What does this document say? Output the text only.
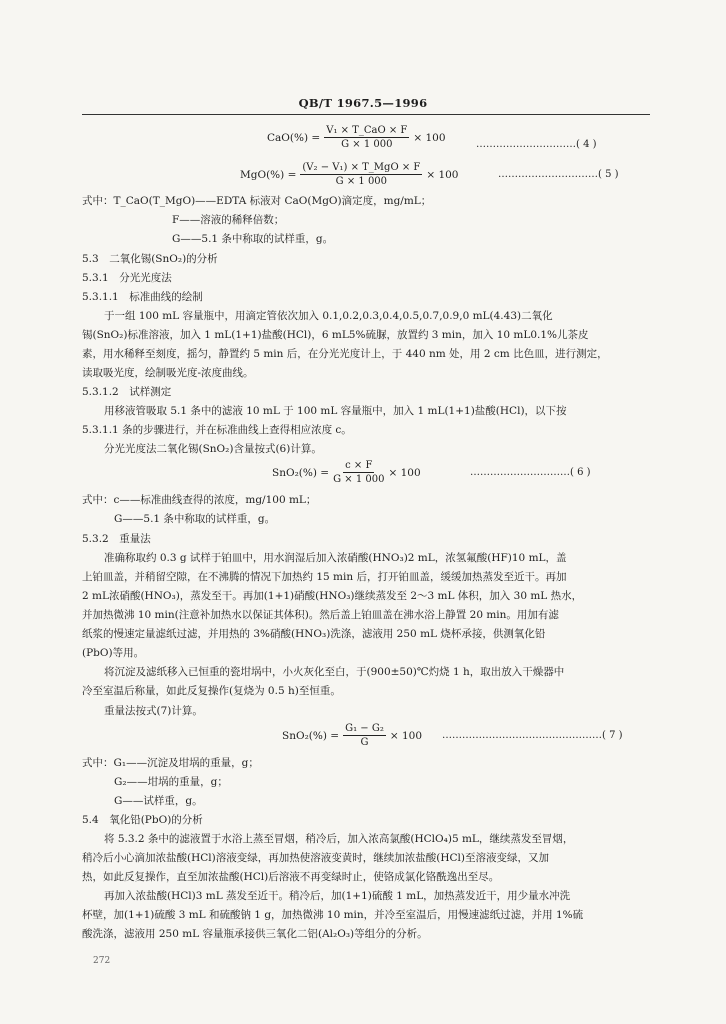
QB/T 1967.5—1996
$CaO(\%) = \frac{\text{V₁ × T\_CaO × F}}{G \times 1 000} \times 100$
…………………………( 4 )
$MgO(\%) = \frac{\text{(V₂ − V₁) × T\_MgO × F}}{G \times 1 000} \times 100$	…………………………( 5 )
式中：T_CaO(T_MgO)——EDTA 标液对 CaO(MgO)滴定度，mg/mL；
F——溶液的稀释倍数；
G——5.1 条中称取的试样重，g。
5.3　二氧化锡(SnO₂)的分析
5.3.1　分光光度法
5.3.1.1　标准曲线的绘制
于一组 100 mL 容量瓶中，用滴定管依次加入 0.1,0.2,0.3,0.4,0.5,0.7,0.9,0 mL(4.43)二氧化
锡(SnO₂)标准溶液，加入 1 mL(1+1)盐酸(HCl)，6 mL5%硫脲，放置约 3 min，加入 10 mL0.1%儿茶皮
素，用水稀释至刻度，摇匀，静置约 5 min 后，在分光光度计上，于 440 nm 处，用 2 cm 比色皿，进行测定，
读取吸光度，绘制吸光度-浓度曲线。
5.3.1.2　试样测定
用移液管吸取 5.1 条中的滤液 10 mL 于 100 mL 容量瓶中，加入 1 mL(1+1)盐酸(HCl)，以下按
5.3.1.1 条的步骤进行，并在标准曲线上查得相应浓度 c。
分光光度法二氧化锡(SnO₂)含量按式(6)计算。
$SnO_2(\%) = \frac{c \times F}{G \times 1 000} \times 100$	…………………………( 6 )
式中：c——标准曲线查得的浓度，mg/100 mL；
G——5.1 条中称取的试样重，g。
5.3.2　重量法
准确称取约 0.3 g 试样于铂皿中，用水润湿后加入浓硝酸(HNO₃)2 mL，浓氢氟酸(HF)10 mL，盖
上铂皿盖，并稍留空隙，在不沸腾的情况下加热约 15 min 后，打开铂皿盖，缓缓加热蒸发至近干。再加
2 mL浓硝酸(HNO₃)，蒸发至干。再加(1+1)硝酸(HNO₃)继续蒸发至 2～3 mL 体积，加入 30 mL 热水，
并加热微沸 10 min(注意补加热水以保证其体积)。然后盖上铂皿盖在沸水浴上静置 20 min。用加有滤
纸浆的慢速定量滤纸过滤，并用热的 3%硝酸(HNO₃)洗涤，滤液用 250 mL 烧杯承接，供测氧化铅
(PbO)等用。
将沉淀及滤纸移入已恒重的瓷坩埚中，小火灰化至白，于(900±50)℃灼烧 1 h，取出放入干燥器中
冷至室温后称量，如此反复操作(复烧为 0.5 h)至恒重。
重量法按式(7)计算。
$SnO_2(\%) = \frac{\text{G₁ − G₂}}{G} \times 100$ …………………………………………( 7 )
式中：G₁——沉淀及坩埚的重量，g；
G₂——坩埚的重量，g；
G——试样重，g。
5.4　氧化铅(PbO)的分析
将 5.3.2 条中的滤液置于水浴上蒸至冒烟，稍冷后，加入浓高氯酸(HClO₄)5 mL，继续蒸发至冒烟，
稍冷后小心滴加浓盐酸(HCl)溶液变绿，再加热使溶液变黄时，继续加浓盐酸(HCl)至溶液变绿，又加
热，如此反复操作，直至加浓盐酸(HCl)后溶液不再变绿时止，使铬成氯化铬酰逸出至尽。
再加入浓盐酸(HCl)3 mL 蒸发至近干。稍冷后，加(1+1)硫酸 1 mL，加热蒸发近干，用少量水冲洗
杯壁，加(1+1)硫酸 3 mL 和硫酸钠 1 g，加热微沸 10 min，并冷至室温后，用慢速滤纸过滤，并用 1%硫
酸洗涤，滤液用 250 mL 容量瓶承接供三氧化二铝(Al₂O₃)等组分的分析。
272
